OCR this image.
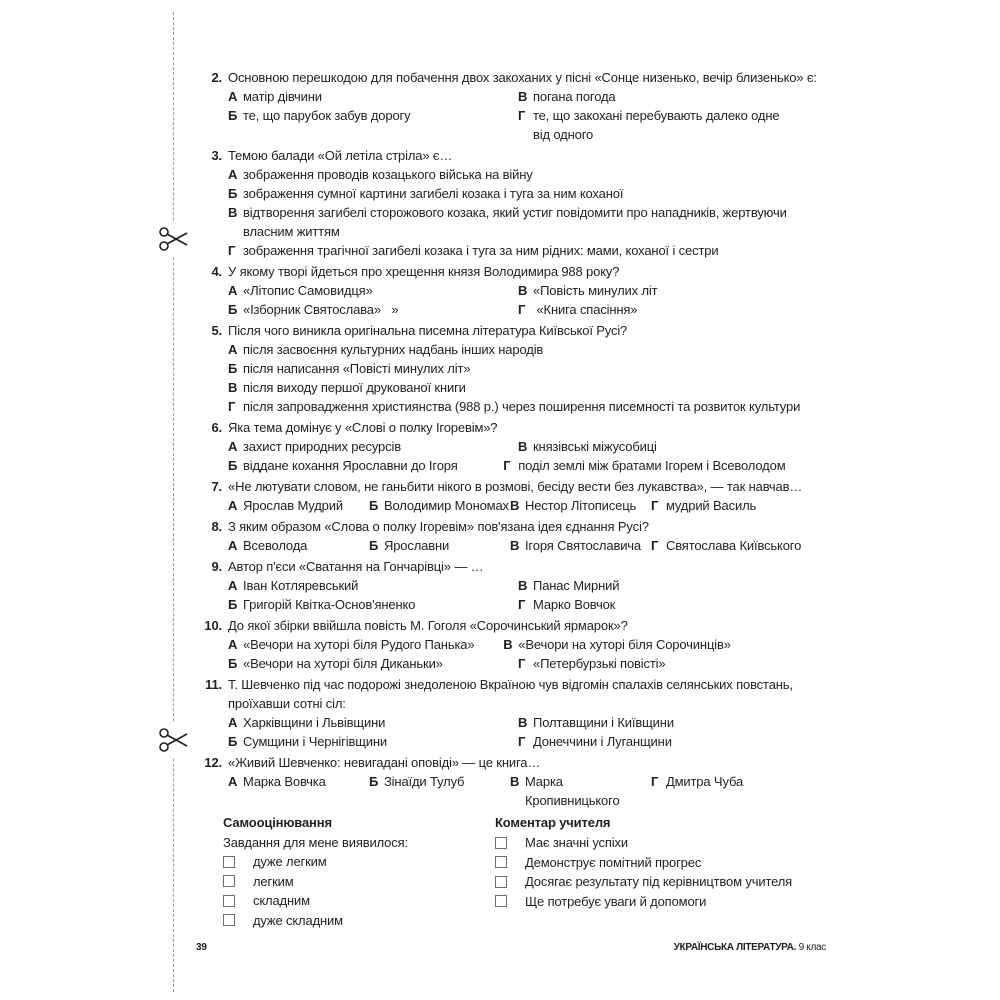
2. Основною перешкодою для побачення двох закоханих у пісні «Сонце низенько, вечір близенько» є:
А матір дівчини	В погана погода
Б те, що парубок забув дорогу	Г те, що закохані перебувають далеко одне від одного
3. Темою балади «Ой летіла стріла» є…
А зображення проводів козацького війська на війну
Б зображення сумної картини загибелі козака і туга за ним коханої
В відтворення загибелі сторожового козака, який устиг повідомити про нападників, жертвуючи власним життям
Г зображення трагічної загибелі козака і туга за ним рідних: мами, коханої і сестри
4. У якому творі йдеться про хрещення князя Володимира 988 року?
А «Літопис Самовидця»	В «Повість минулих літ
Б «Ізборник Святослава»   »	Г «Книга спасіння»
5. Після чого виникла оригінальна писемна література Київської Русі?
А після засвоєння культурних надбань інших народів
Б після написання «Повісті минулих літ»
В після виходу першої друкованої книги
Г після запровадження християнства (988 р.) через поширення писемності та розвиток культури
6. Яка тема домінує у «Слові о полку Ігоревім»?
А захист природних ресурсів	В князівські міжусобиці
Б віддане кохання Ярославни до Ігоря	Г поділ землі між братами Ігорем і Всеволодом
7. «Не лютувати словом, не ганьбити нікого в розмові, бесіду вести без лукавства», — так навчав…
А Ярослав Мудрий Б Володимир Мономах В Нестор Літописець Г мудрий Василь
8. З яким образом «Слова о полку Ігоревім» пов'язана ідея єднання Русі?
А Всеволода	Б Ярославни	В Ігоря Святославича Г Святослава Київського
9. Автор п'єси «Сватання на Гончарівці» — …
А Іван Котляревський	В Панас Мирний
Б Григорій Квітка-Основ'яненко	Г Марко Вовчок
10. До якої збірки ввійшла повість М. Гоголя «Сорочинський ярмарок»?
А «Вечори на хуторі біля Рудого Панька» В «Вечори на хуторі біля Сорочинців»
Б «Вечори на хуторі біля Диканьки»	Г «Петербурзькі повісті»
11. Т. Шевченко під час подорожі знедоленою Вкраїною чув відгомін спалахів селянських повстань, проїхавши сотні сіл:
А Харківщини і Львівщини	В Полтавщини і Київщини
Б Сумщини і Чернігівщини	Г Донеччини і Луганщини
12. «Живий Шевченко: невигадані оповіді» — це книга…
А Марка Вовчка	Б Зінаїди Тулуб	В Марка Кропивницького
Г Дмитра Чуба
Самооцінювання
Завдання для мене виявилося:
дуже легким
легким
складним
дуже складним
Коментар учителя
Має значні успіхи
Демонструє помітний прогрес
Досягає результату під керівництвом учителя
Ще потребує уваги й допомоги
39	УКРАЇНСЬКА ЛІТЕРАТУРА. 9 клас
